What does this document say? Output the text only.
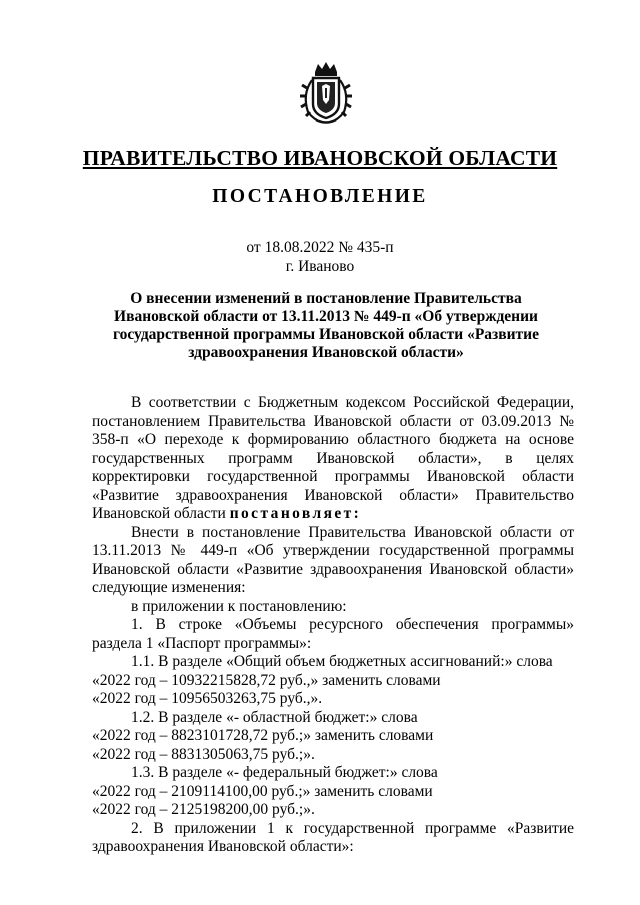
ПРАВИТЕЛЬСТВО ИВАНОВСКОЙ ОБЛАСТИ
ПОСТАНОВЛЕНИЕ
от 18.08.2022 № 435-п
г. Иваново
О внесении изменений в постановление Правительства Ивановской области от 13.11.2013 № 449-п «Об утверждении государственной программы Ивановской области «Развитие здравоохранения Ивановской области»

В соответствии с Бюджетным кодексом Российской Федерации, постановлением Правительства Ивановской области от 03.09.2013 № 358-п «О переходе к формированию областного бюджета на основе государственных программ Ивановской области», в целях корректировки государственной программы Ивановской области «Развитие здравоохранения Ивановской области» Правительство Ивановской области постановляет:

Внести в постановление Правительства Ивановской области от 13.11.2013 № 449-п «Об утверждении государственной программы Ивановской области «Развитие здравоохранения Ивановской области» следующие изменения:

в приложении к постановлению:

1. В строке «Объемы ресурсного обеспечения программы» раздела 1 «Паспорт программы»:

1.1. В разделе «Общий объем бюджетных ассигнований:» слова

«2022 год – 10932215828,72 руб.,» заменить словами

«2022 год – 10956503263,75 руб.,».

1.2. В разделе «- областной бюджет:» слова

«2022 год – 8823101728,72 руб.;» заменить словами

«2022 год – 8831305063,75 руб.;».

1.3. В разделе «- федеральный бюджет:» слова

«2022 год – 2109114100,00 руб.;» заменить словами

«2022 год – 2125198200,00 руб.;».

2. В приложении 1 к государственной программе «Развитие здравоохранения Ивановской области»:
